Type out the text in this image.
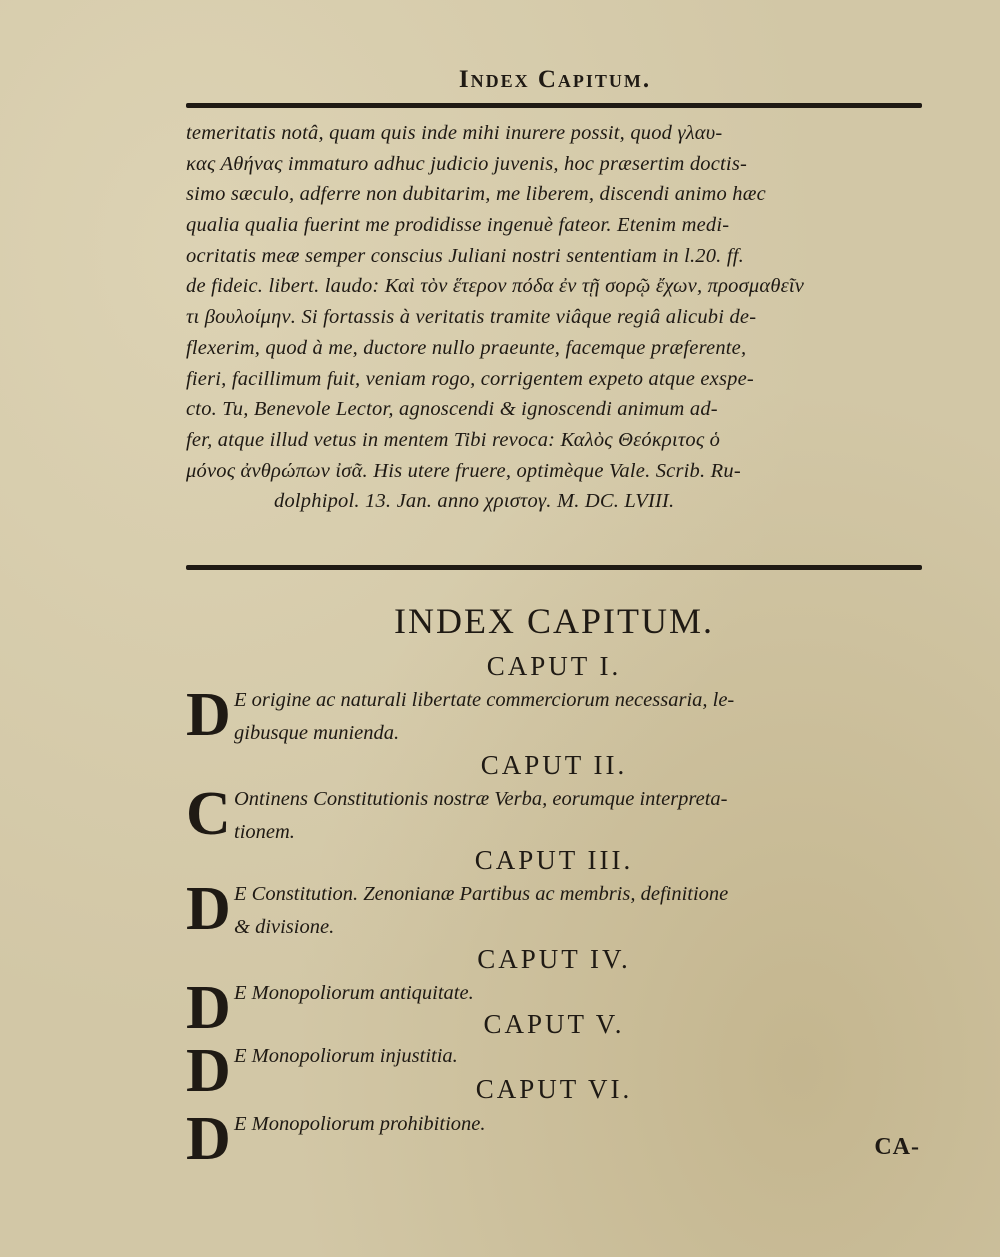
Index Capitum.
temeritatis notâ, quam quis inde mihi inurere possit, quod γλαυ-
κας Αθήνας immaturo adhuc judicio juvenis, hoc præsertim doctis-
simo sæculo, adferre non dubitarim, me liberem, discendi animo hæc
qualia qualia fuerint me prodidisse ingenuè fateor. Etenim medi-
ocritatis meæ semper conscius Juliani nostri sententiam in l.20. ff.
de fideic. libert. laudo: Καὶ τὸν ἕτερον πόδα ἐν τῇ σορῷ ἔχων, προσμαθεῖν
τι βουλοίμην. Si fortassis à veritatis tramite viâque regiâ alicubi de-
flexerim, quod à me, ductore nullo praeunte, facemque præferente,
fieri, facillimum fuit, veniam rogo, corrigentem expeto atque exspe-
cto. Tu, Benevole Lector, agnoscendi & ignoscendi animum ad-
fer, atque illud vetus in mentem Tibi revoca: Καλὸς Θεόκριτος ὁ
μόνος ἀνθρώπων ἰσᾶ. His utere fruere, optimèque Vale. Scrib. Ru-
dolphipol. 13. Jan. anno χριστογ. M. DC. LVIII.
INDEX CAPITUM.
CAPUT I.
D E origine ac naturali libertate commerciorum necessaria, le-
gibusque munienda.
CAPUT II.
C Ontinens Constitutionis nostræ Verba, eorumque interpreta-
tionem.
CAPUT III.
D E Constitution. Zenonianæ Partibus ac membris, definitione
& divisione.
CAPUT IV.
D E Monopoliorum antiquitate.
CAPUT V.
D E Monopoliorum injustitia.
CAPUT VI.
D E Monopoliorum prohibitione.
CA-
